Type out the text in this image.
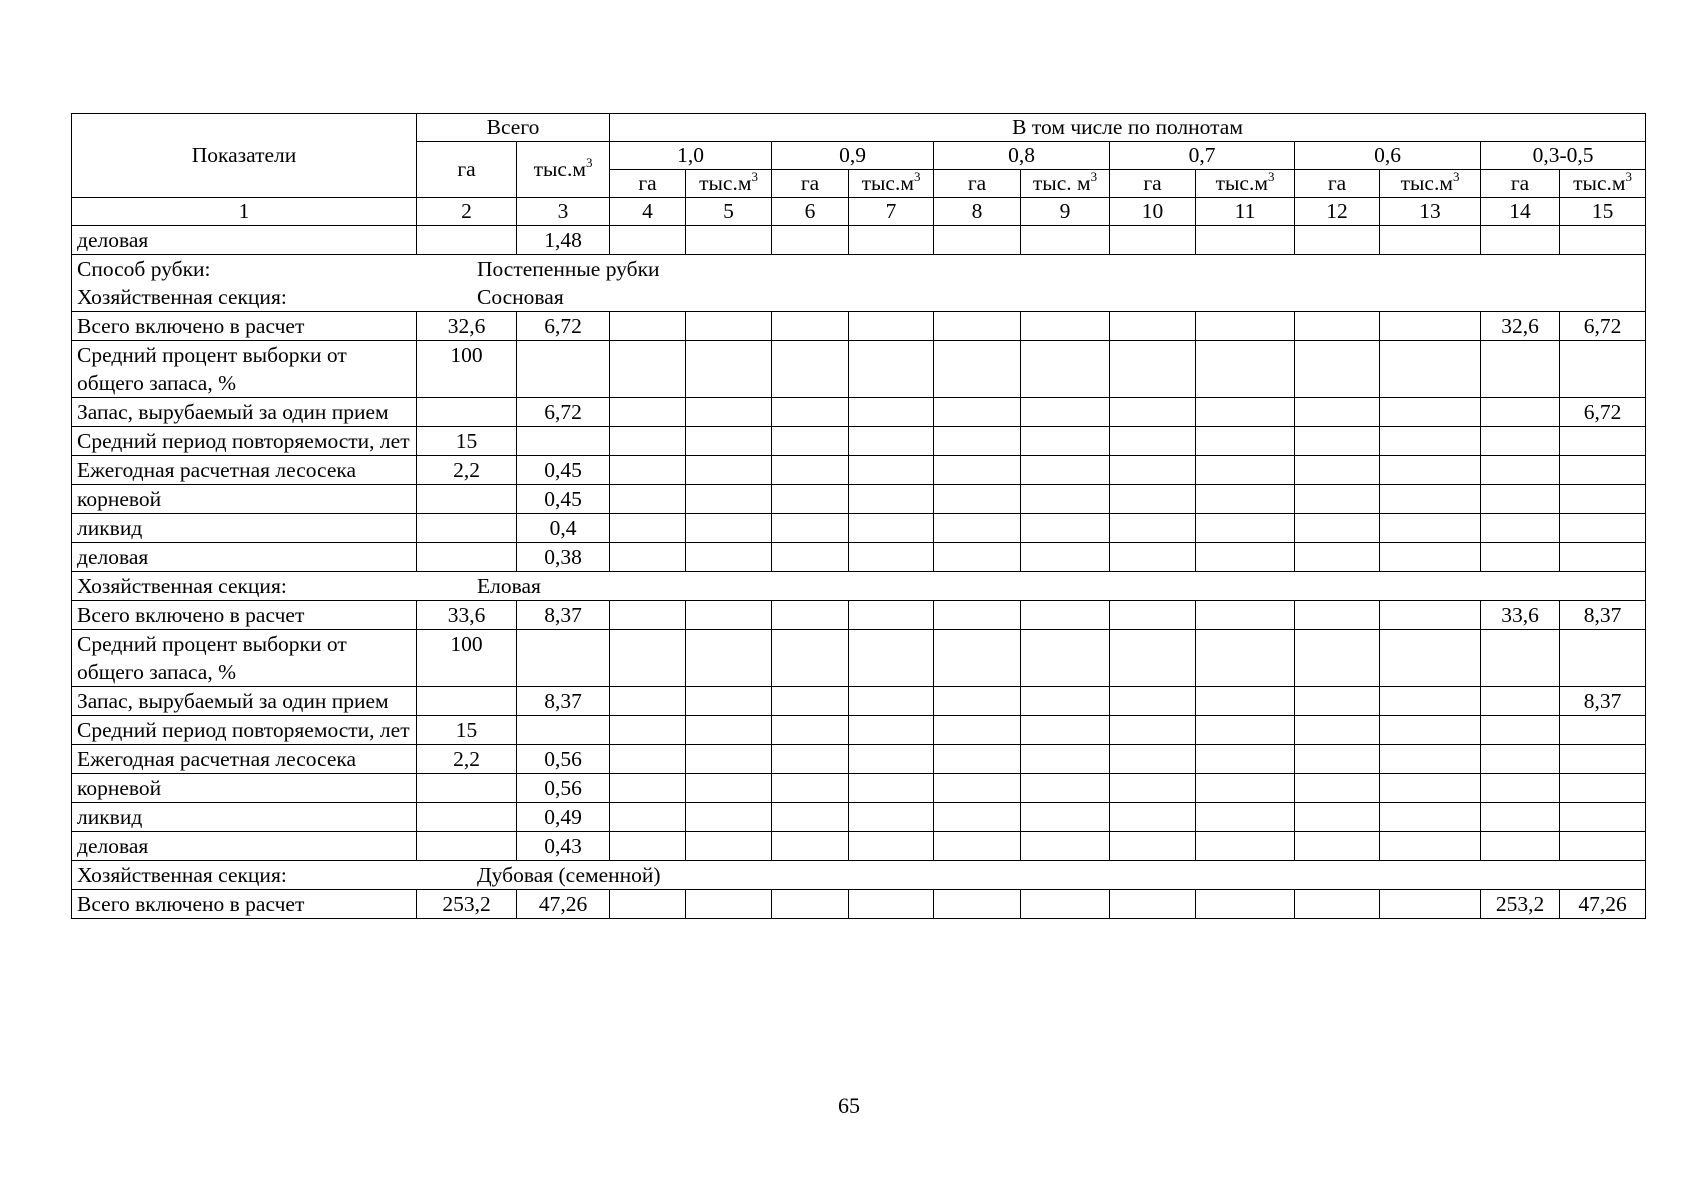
Показатели	Всего		В том числе по полнотам											
	га	$тыс.м^3$	1,0		0,9		0,8		0,7		0,6		0,3-0,5	
			га	$тыс.м^3$	га	$тыс.м^3$	га	тыс. $м^3$	га	$тыс.м^3$	га	$тыс.м^3$	га	$тыс.м^3$
1	2	3	4	5	6	7	8	9	10	11	12	13	14	15
деловая		1,48												

Способ рубки: Постепенные рубки
Хозяйственная секция: Сосновая														

Всего включено в расчет	32,6	6,72											32,6	6,72
Средний процент выборки от общего запаса, %	100													
Запас, вырубаемый за один прием		6,72												6,72
Средний период повторяемости, лет	15													
Ежегодная расчетная лесосека	2,2	0,45												
корневой		0,45												
ликвид		0,4												
деловая		0,38												

Хозяйственная секция: Еловая														

Всего включено в расчет	33,6	8,37											33,6	8,37
Средний процент выборки от общего запаса, %	100													
Запас, вырубаемый за один прием		8,37												8,37
Средний период повторяемости, лет	15													
Ежегодная расчетная лесосека	2,2	0,56												
корневой		0,56												
ликвид		0,49												
деловая		0,43												

Хозяйственная секция: Дубовая (семенной)														

Всего включено в расчет	253,2	47,26											253,2	47,26
65
